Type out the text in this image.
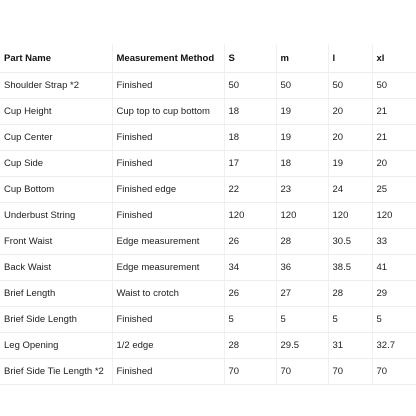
Part Name	Measurement Method	S	m	l	xl
Shoulder Strap *2	Finished	50	50	50	50
Cup Height	Cup top to cup bottom	18	19	20	21
Cup Center	Finished	18	19	20	21
Cup Side	Finished	17	18	19	20
Cup Bottom	Finished edge	22	23	24	25
Underbust String	Finished	120	120	120	120
Front Waist	Edge measurement	26	28	30.5	33
Back Waist	Edge measurement	34	36	38.5	41
Brief Length	Waist to crotch	26	27	28	29
Brief Side Length	Finished	5	5	5	5
Leg Opening	1/2 edge	28	29.5	31	32.7
Brief Side Tie Length *2	Finished	70	70	70	70
